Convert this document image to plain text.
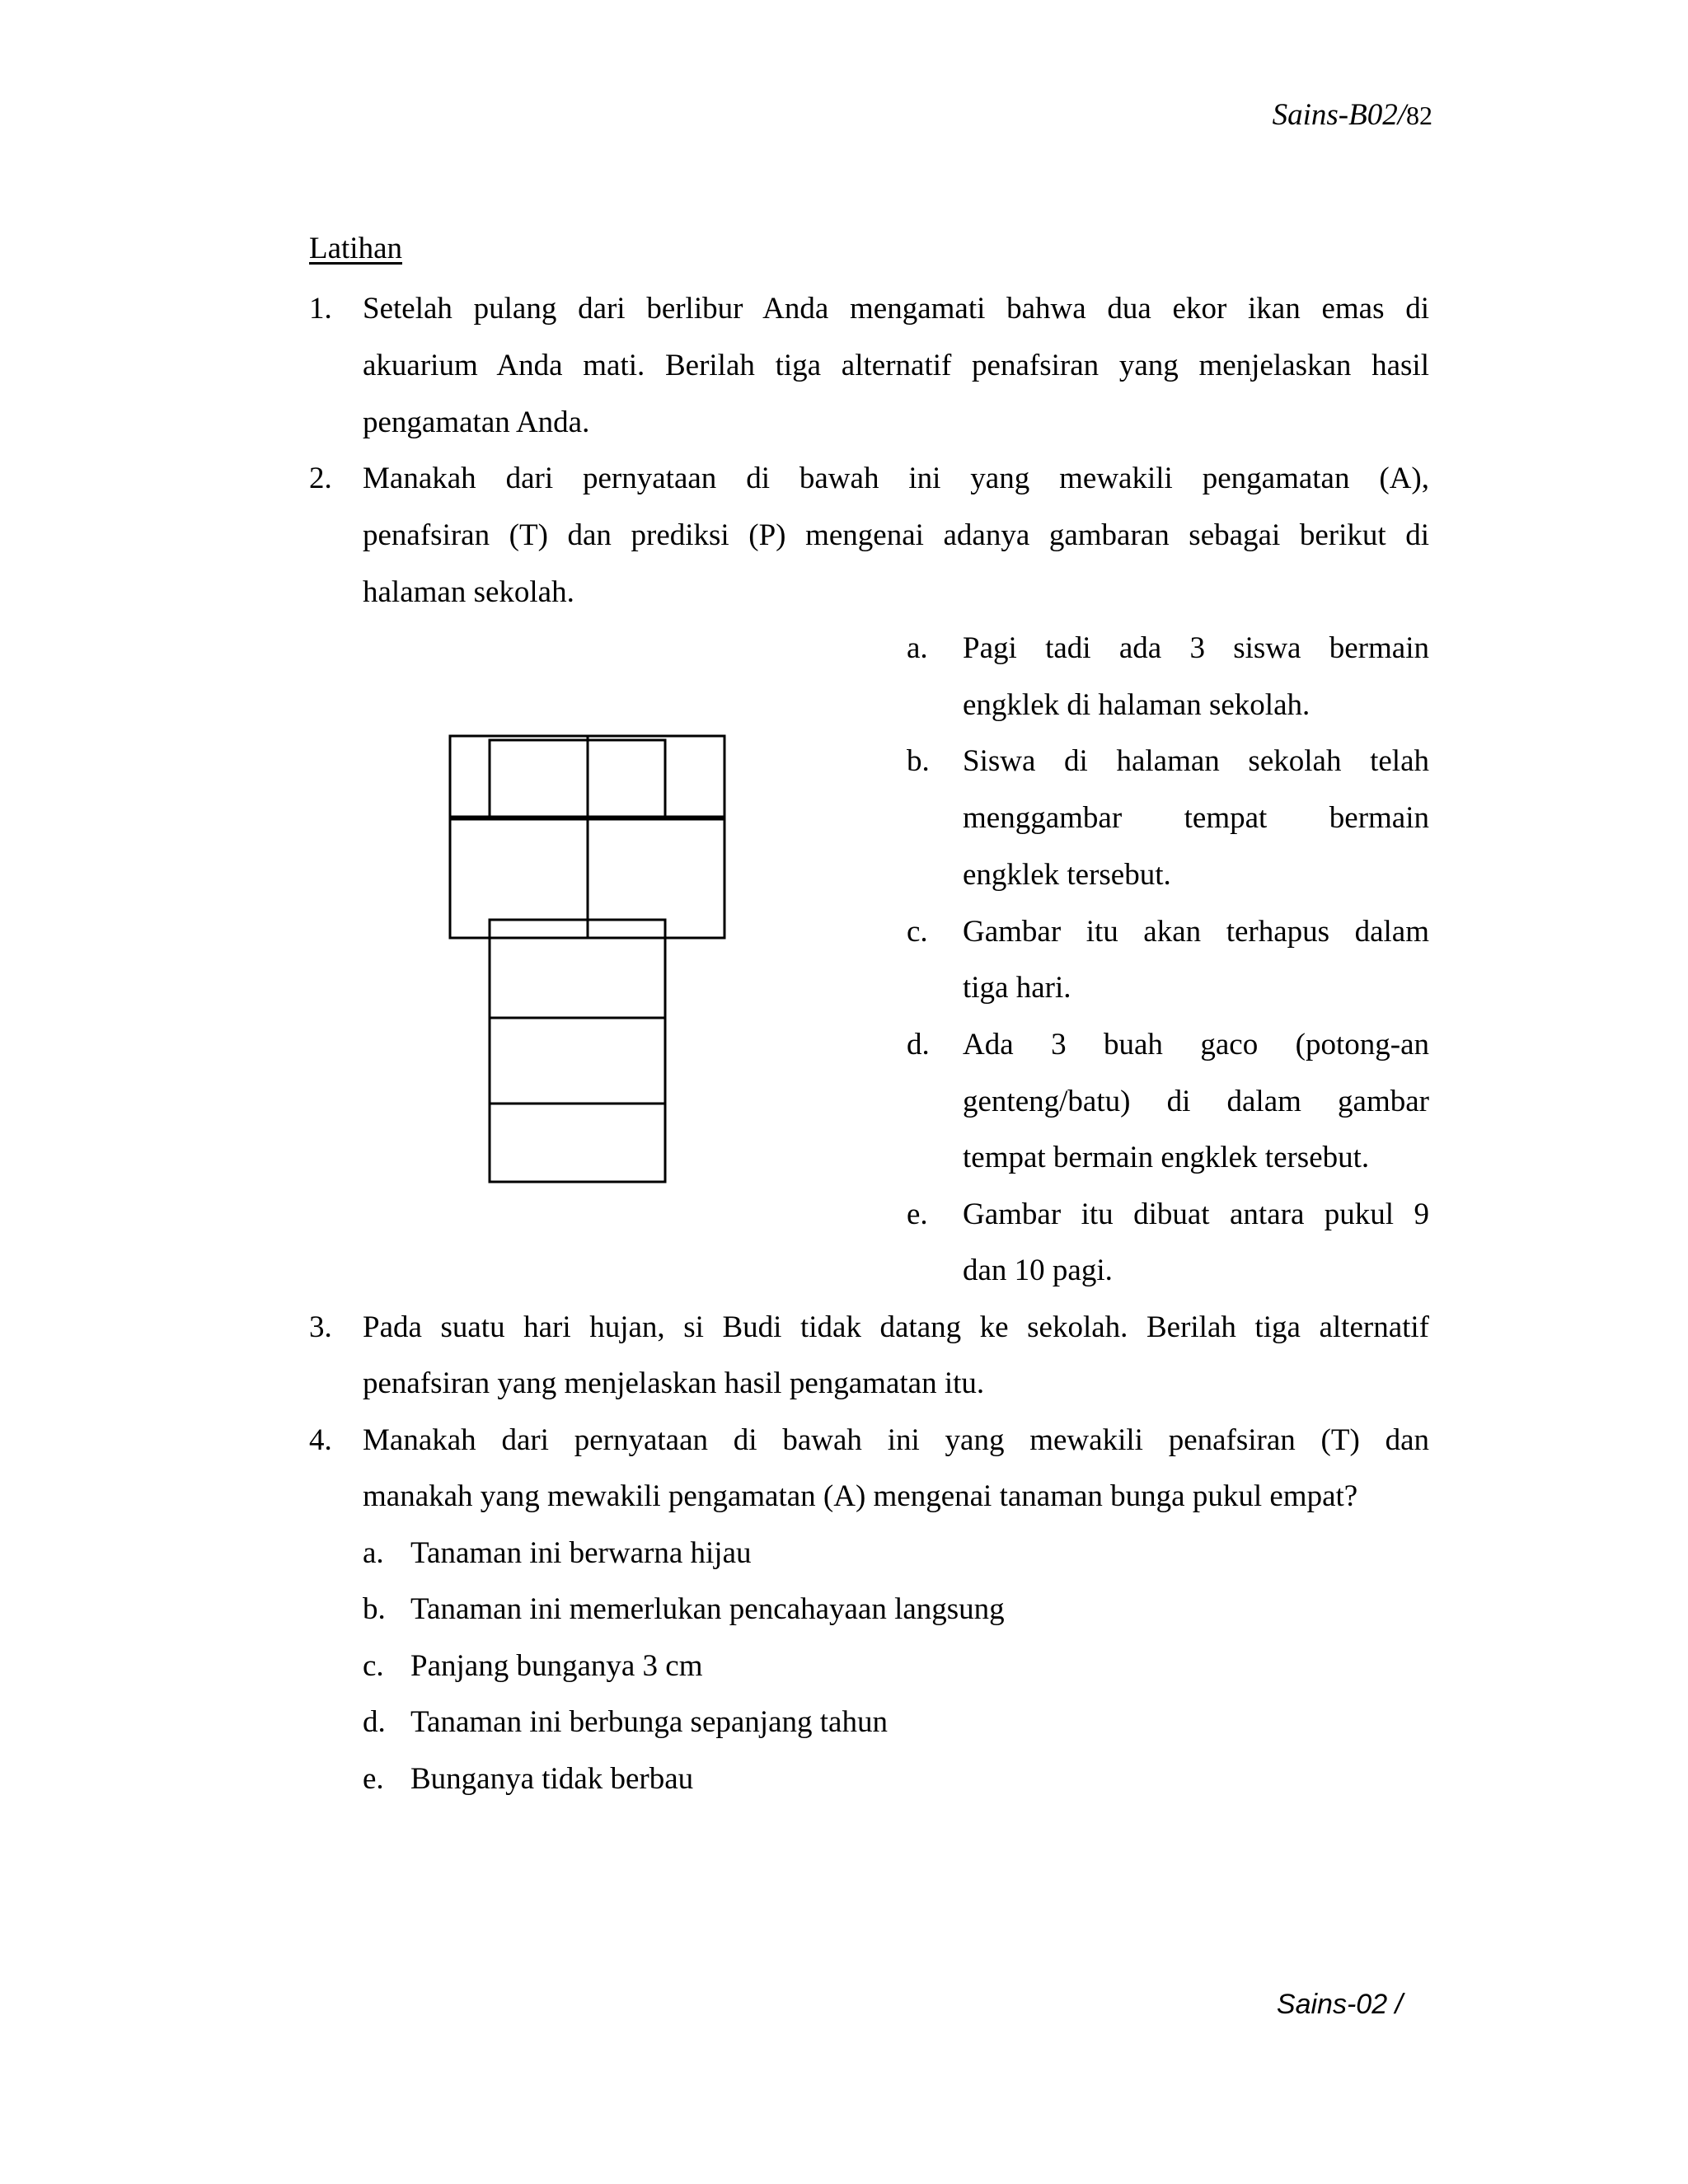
Sains-B02/82
Latihan
1. Setelah pulang dari berlibur Anda mengamati bahwa dua ekor ikan emas di
akuarium Anda mati. Berilah tiga alternatif penafsiran yang menjelaskan hasil
pengamatan Anda.
2. Manakah dari pernyataan di bawah ini yang mewakili pengamatan (A),
penafsiran (T) dan prediksi (P) mengenai adanya gambaran sebagai berikut di
halaman sekolah.
a. Pagi tadi ada 3 siswa bermain
engklek di halaman sekolah.
b. Siswa di halaman sekolah telah
menggambar tempat bermain
engklek tersebut.
c. Gambar itu akan terhapus dalam
tiga hari.
d. Ada 3 buah gaco (potong-an
genteng/batu) di dalam gambar
tempat bermain engklek tersebut.
e. Gambar itu dibuat antara pukul 9
dan 10 pagi.
3. Pada suatu hari hujan, si Budi tidak datang ke sekolah. Berilah tiga alternatif
penafsiran yang menjelaskan hasil pengamatan itu.
4. Manakah dari pernyataan di bawah ini yang mewakili penafsiran (T) dan
manakah yang mewakili pengamatan (A) mengenai tanaman bunga pukul empat?
a. Tanaman ini berwarna hijau
b. Tanaman ini memerlukan pencahayaan langsung
c. Panjang bunganya 3 cm
d. Tanaman ini berbunga sepanjang tahun
e. Bunganya tidak berbau
Sains-02 /
